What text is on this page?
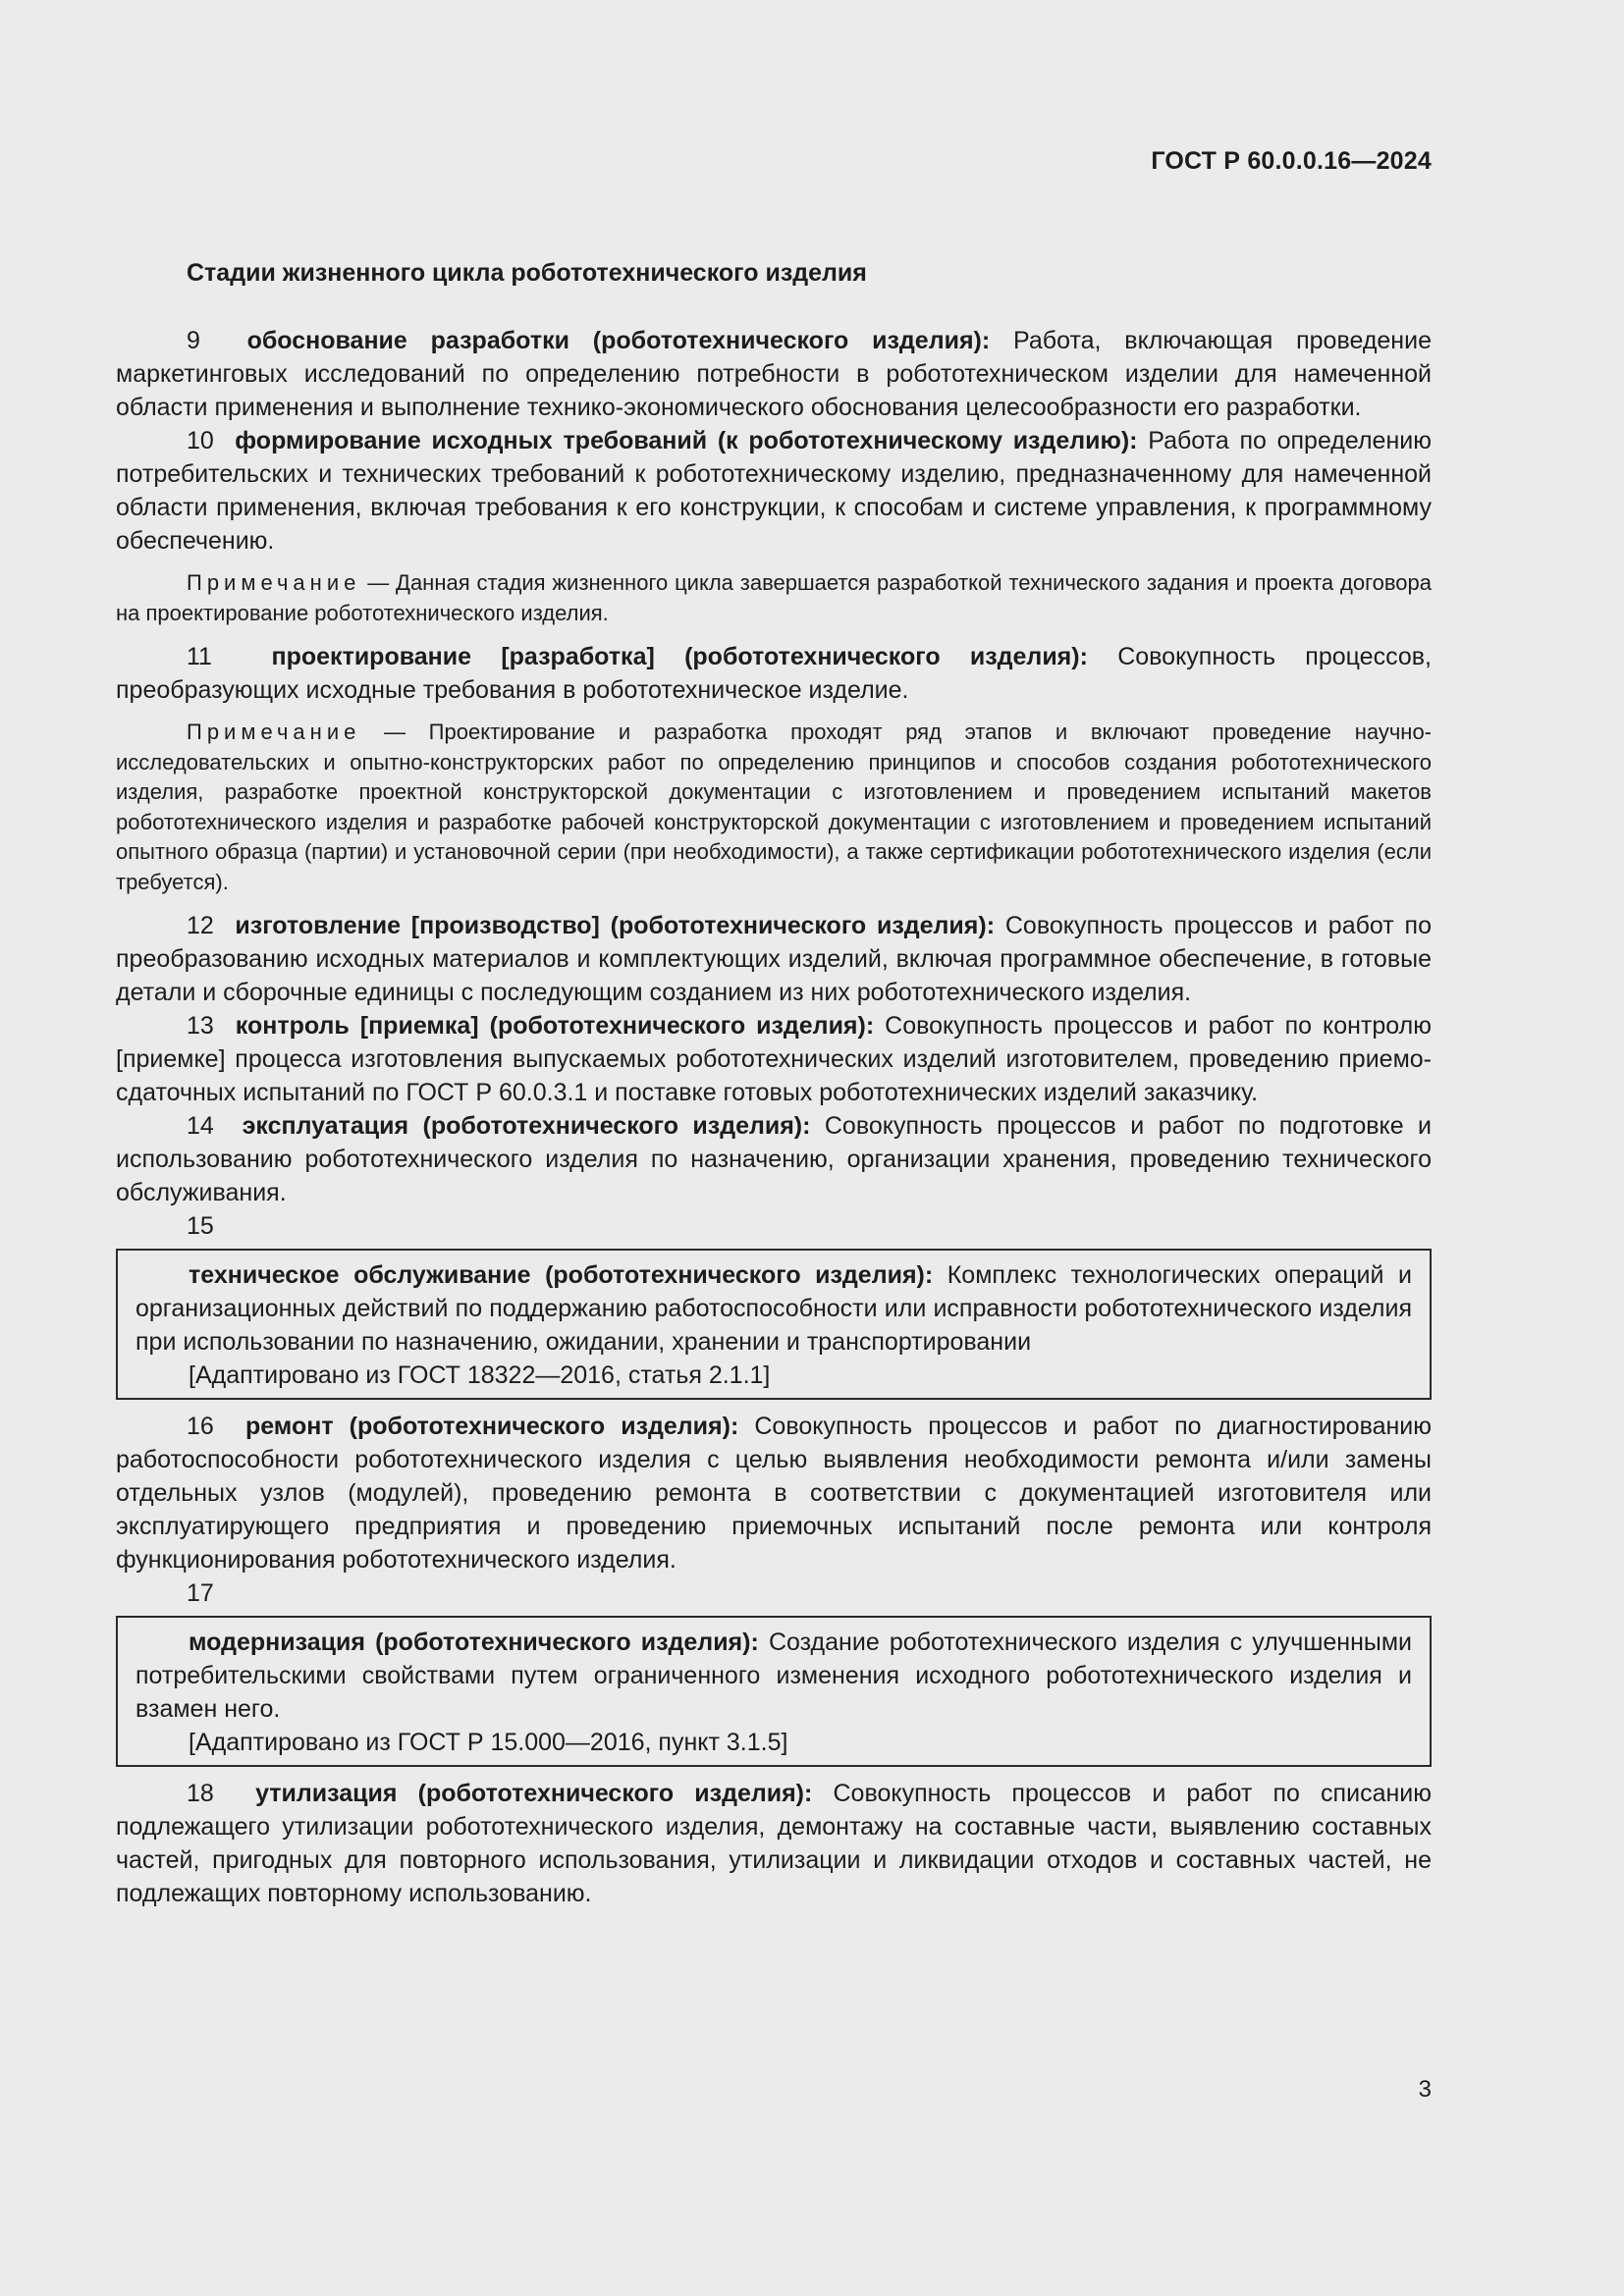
ГОСТ Р 60.0.0.16—2024
Стадии жизненного цикла робототехнического изделия

9 обоснование разработки (робототехнического изделия): Работа, включающая проведение маркетинговых исследований по определению потребности в робототехническом изделии для намеченной области применения и выполнение технико-экономического обоснования целесообразности его разработки.

10 формирование исходных требований (к робототехническому изделию): Работа по определению потребительских и технических требований к робототехническому изделию, предназначенному для намеченной области применения, включая требования к его конструкции, к способам и системе управления, к программному обеспечению.

Примечание — Данная стадия жизненного цикла завершается разработкой технического задания и проекта договора на проектирование робототехнического изделия.

11 проектирование [разработка] (робототехнического изделия): Совокупность процессов, преобразующих исходные требования в робототехническое изделие.

Примечание — Проектирование и разработка проходят ряд этапов и включают проведение научно-исследовательских и опытно-конструкторских работ по определению принципов и способов создания робототехнического изделия, разработке проектной конструкторской документации с изготовлением и проведением испытаний макетов робототехнического изделия и разработке рабочей конструкторской документации с изготовлением и проведением испытаний опытного образца (партии) и установочной серии (при необходимости), а также сертификации робототехнического изделия (если требуется).

12 изготовление [производство] (робототехнического изделия): Совокупность процессов и работ по преобразованию исходных материалов и комплектующих изделий, включая программное обеспечение, в готовые детали и сборочные единицы с последующим созданием из них робототехнического изделия.

13 контроль [приемка] (робототехнического изделия): Совокупность процессов и работ по контролю [приемке] процесса изготовления выпускаемых робототехнических изделий изготовителем, проведению приемо-сдаточных испытаний по ГОСТ Р 60.0.3.1 и поставке готовых робототехнических изделий заказчику.

14 эксплуатация (робототехнического изделия): Совокупность процессов и работ по подготовке и использованию робототехнического изделия по назначению, организации хранения, проведению технического обслуживания.

15

техническое обслуживание (робототехнического изделия): Комплекс технологических операций и организационных действий по поддержанию работоспособности или исправности робототехнического изделия при использовании по назначению, ожидании, хранении и транспортировании

[Адаптировано из ГОСТ 18322—2016, статья 2.1.1]

16 ремонт (робототехнического изделия): Совокупность процессов и работ по диагностированию работоспособности робототехнического изделия с целью выявления необходимости ремонта и/или замены отдельных узлов (модулей), проведению ремонта в соответствии с документацией изготовителя или эксплуатирующего предприятия и проведению приемочных испытаний после ремонта или контроля функционирования робототехнического изделия.

17

модернизация (робототехнического изделия): Создание робототехнического изделия с улучшенными потребительскими свойствами путем ограниченного изменения исходного робототехнического изделия и взамен него.

[Адаптировано из ГОСТ Р 15.000—2016, пункт 3.1.5]

18 утилизация (робототехнического изделия): Совокупность процессов и работ по списанию подлежащего утилизации робототехнического изделия, демонтажу на составные части, выявлению составных частей, пригодных для повторного использования, утилизации и ликвидации отходов и составных частей, не подлежащих повторному использованию.

3
